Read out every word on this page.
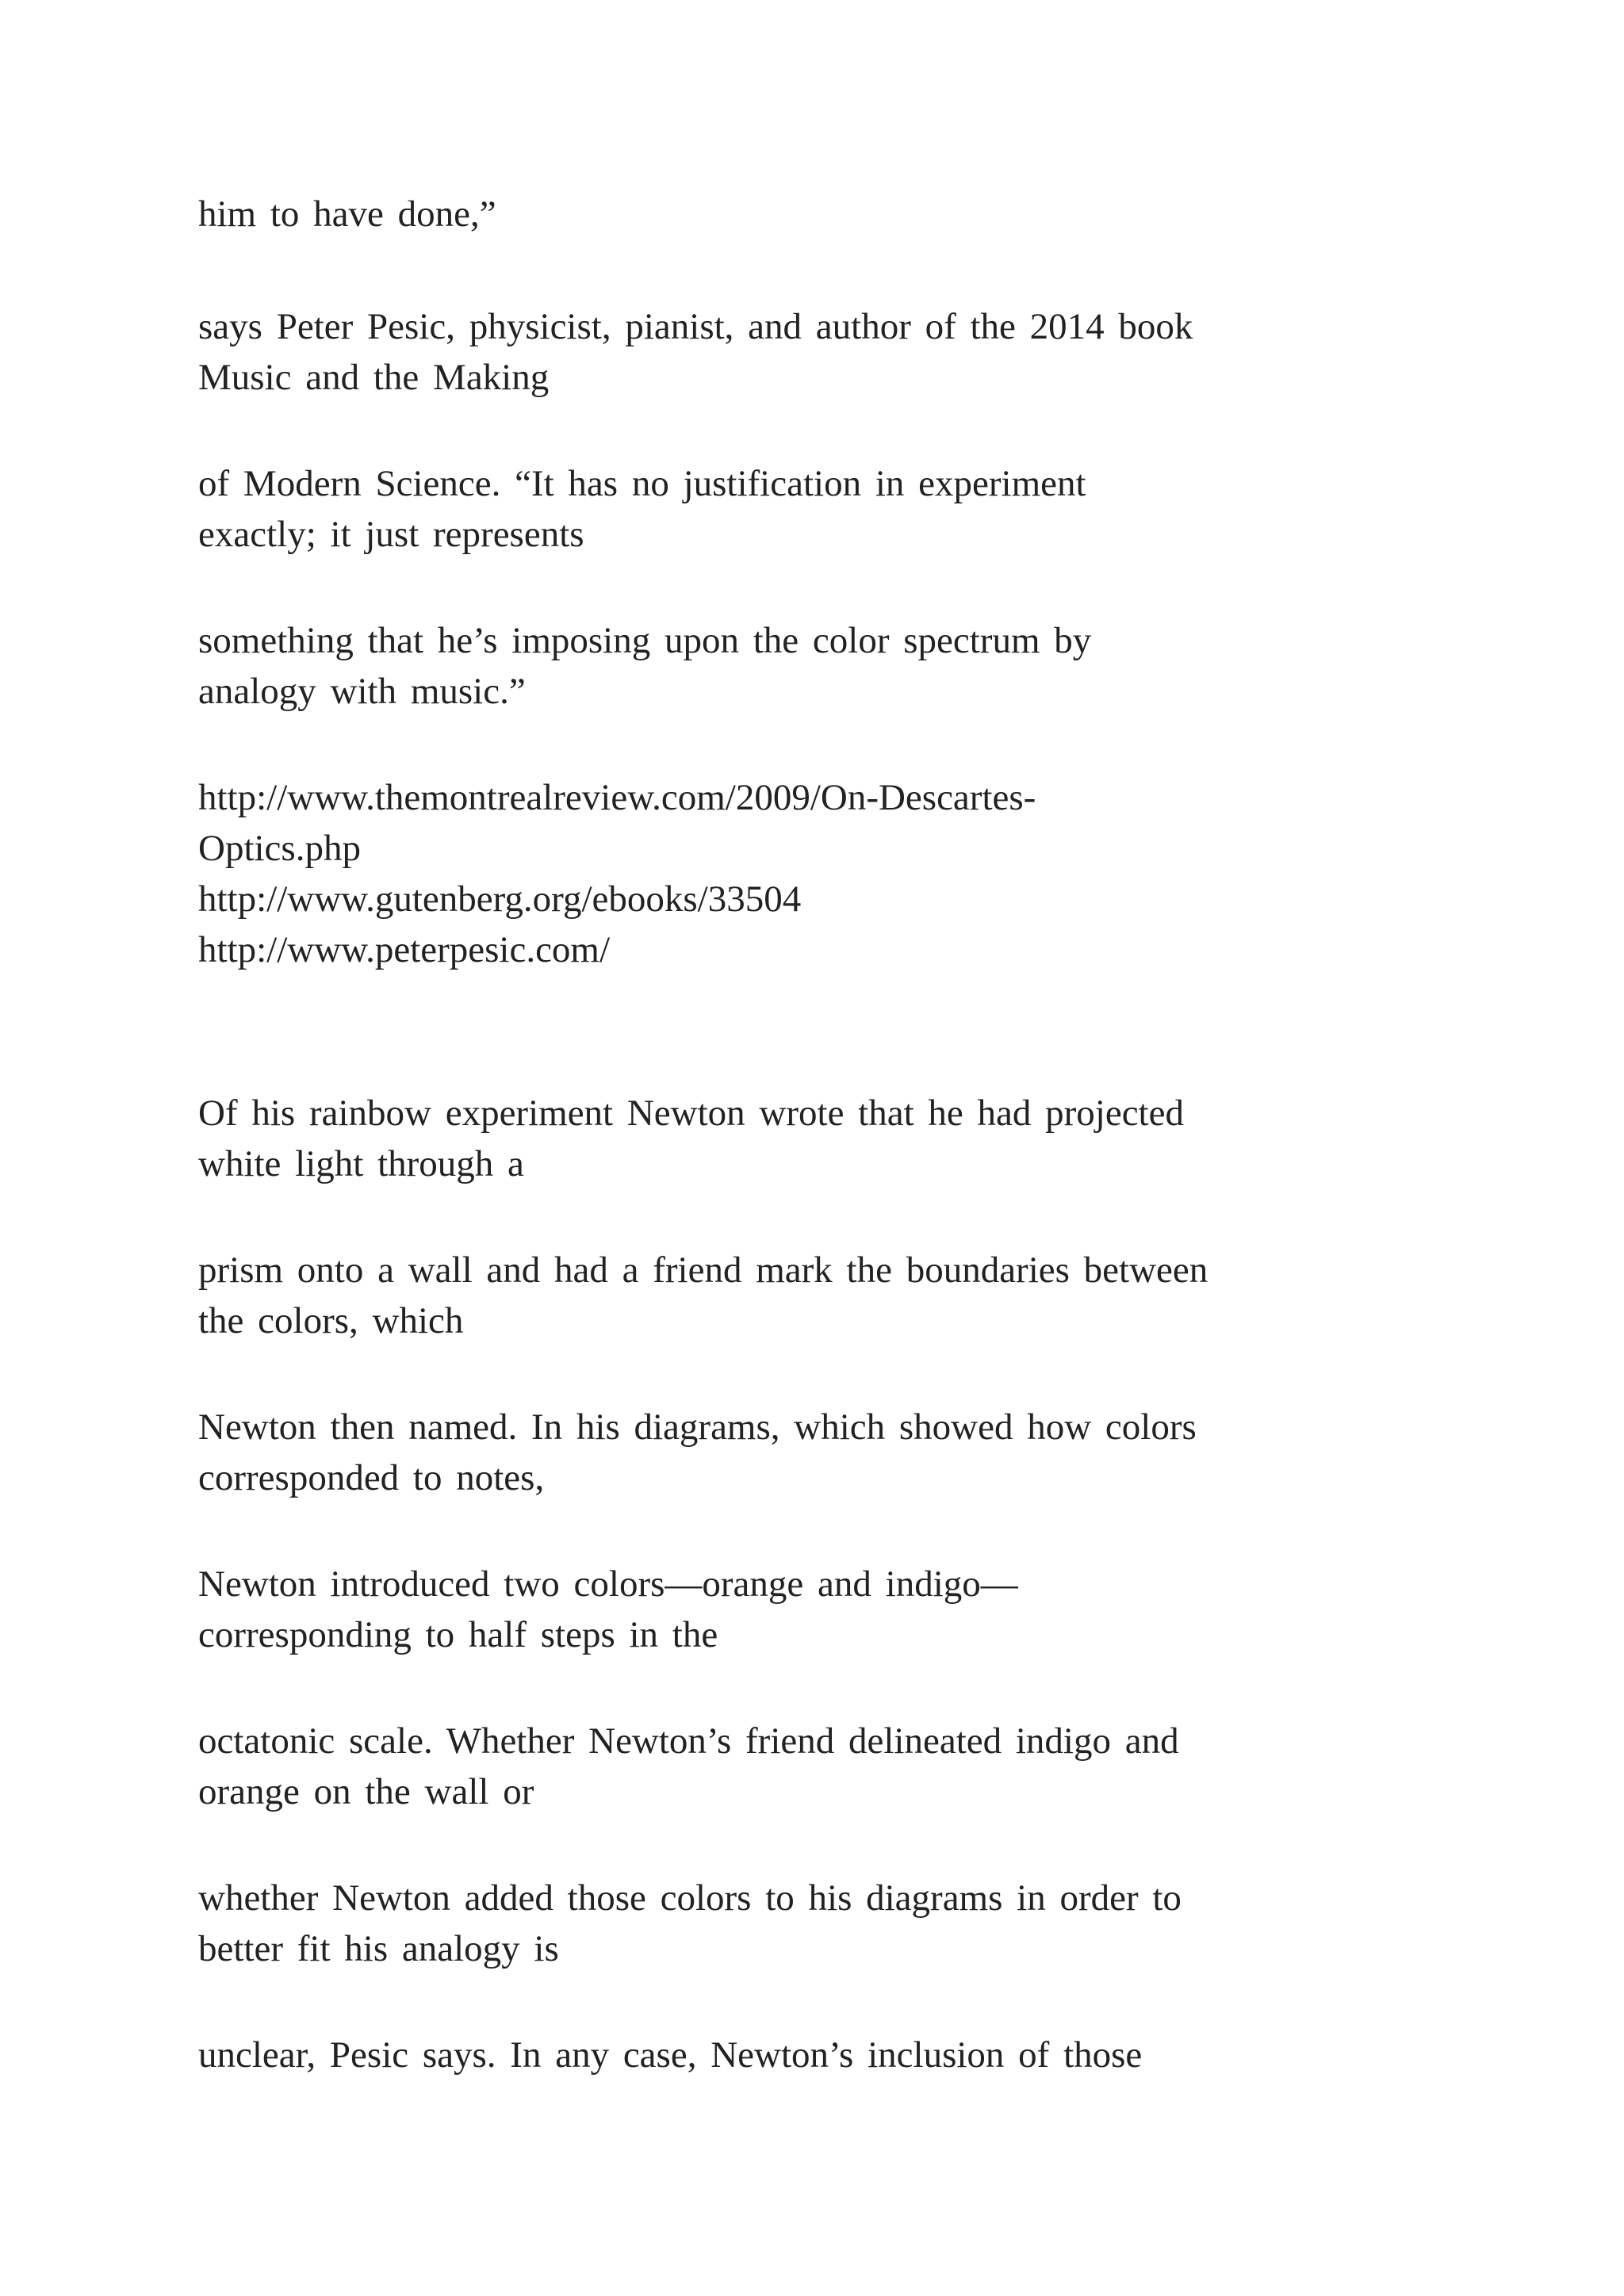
him to have done,”

says Peter Pesic, physicist, pianist, and author of the 2014 book

Music and the Making

of Modern Science. “It has no justification in experiment

exactly; it just represents

something that he’s imposing upon the color spectrum by

analogy with music.”

http://www.themontrealreview.com/2009/On-Descartes-

Optics.php

http://www.gutenberg.org/ebooks/33504

http://www.peterpesic.com/

Of his rainbow experiment Newton wrote that he had projected

white light through a

prism onto a wall and had a friend mark the boundaries between

the colors, which

Newton then named. In his diagrams, which showed how colors

corresponded to notes,

Newton introduced two colors—orange and indigo—

corresponding to half steps in the

octatonic scale. Whether Newton’s friend delineated indigo and

orange on the wall or

whether Newton added those colors to his diagrams in order to

better fit his analogy is

unclear, Pesic says. In any case, Newton’s inclusion of those
